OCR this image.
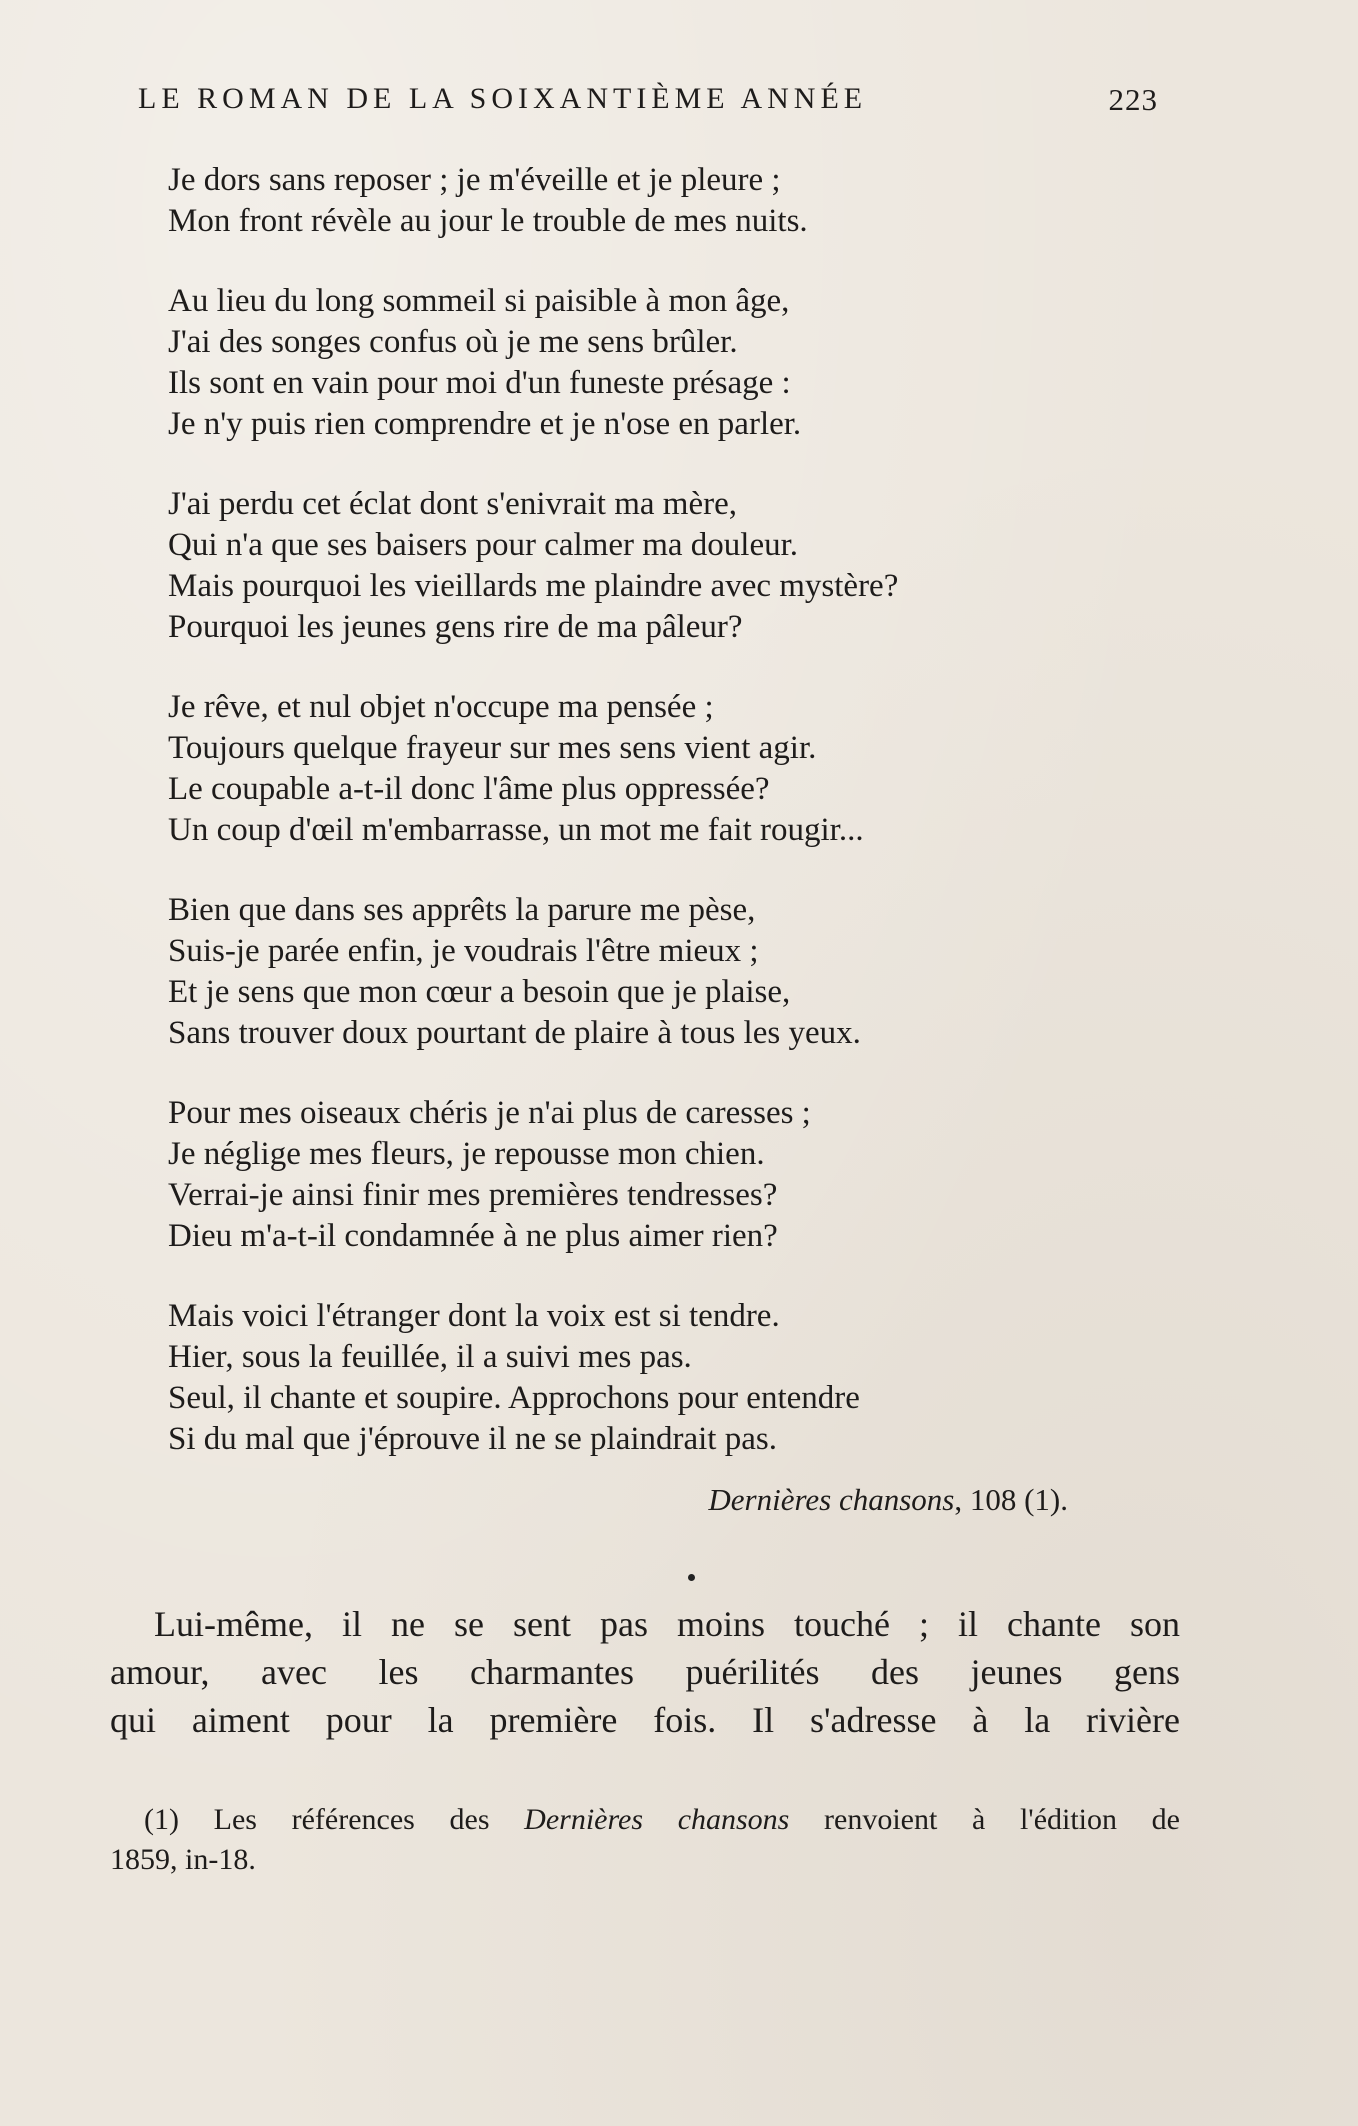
LE ROMAN DE LA SOIXANTIÈME ANNÉE	223
Je dors sans reposer ; je m'éveille et je pleure ;
Mon front révèle au jour le trouble de mes nuits.
Au lieu du long sommeil si paisible à mon âge,
J'ai des songes confus où je me sens brûler.
Ils sont en vain pour moi d'un funeste présage :
Je n'y puis rien comprendre et je n'ose en parler.
J'ai perdu cet éclat dont s'enivrait ma mère,
Qui n'a que ses baisers pour calmer ma douleur.
Mais pourquoi les vieillards me plaindre avec mystère?
Pourquoi les jeunes gens rire de ma pâleur?
Je rêve, et nul objet n'occupe ma pensée ;
Toujours quelque frayeur sur mes sens vient agir.
Le coupable a-t-il donc l'âme plus oppressée?
Un coup d'œil m'embarrasse, un mot me fait rougir...
Bien que dans ses apprêts la parure me pèse,
Suis-je parée enfin, je voudrais l'être mieux ;
Et je sens que mon cœur a besoin que je plaise,
Sans trouver doux pourtant de plaire à tous les yeux.
Pour mes oiseaux chéris je n'ai plus de caresses ;
Je néglige mes fleurs, je repousse mon chien.
Verrai-je ainsi finir mes premières tendresses?
Dieu m'a-t-il condamnée à ne plus aimer rien?
Mais voici l'étranger dont la voix est si tendre.
Hier, sous la feuillée, il a suivi mes pas.
Seul, il chante et soupire. Approchons pour entendre
Si du mal que j'éprouve il ne se plaindrait pas.
Dernières chansons, 108 (1).
Lui-même, il ne se sent pas moins touché ; il chante son
amour, avec les charmantes puérilités des jeunes gens
qui aiment pour la première fois. Il s'adresse à la rivière
(1) Les références des Dernières chansons renvoient à l'édition de
1859, in-18.
